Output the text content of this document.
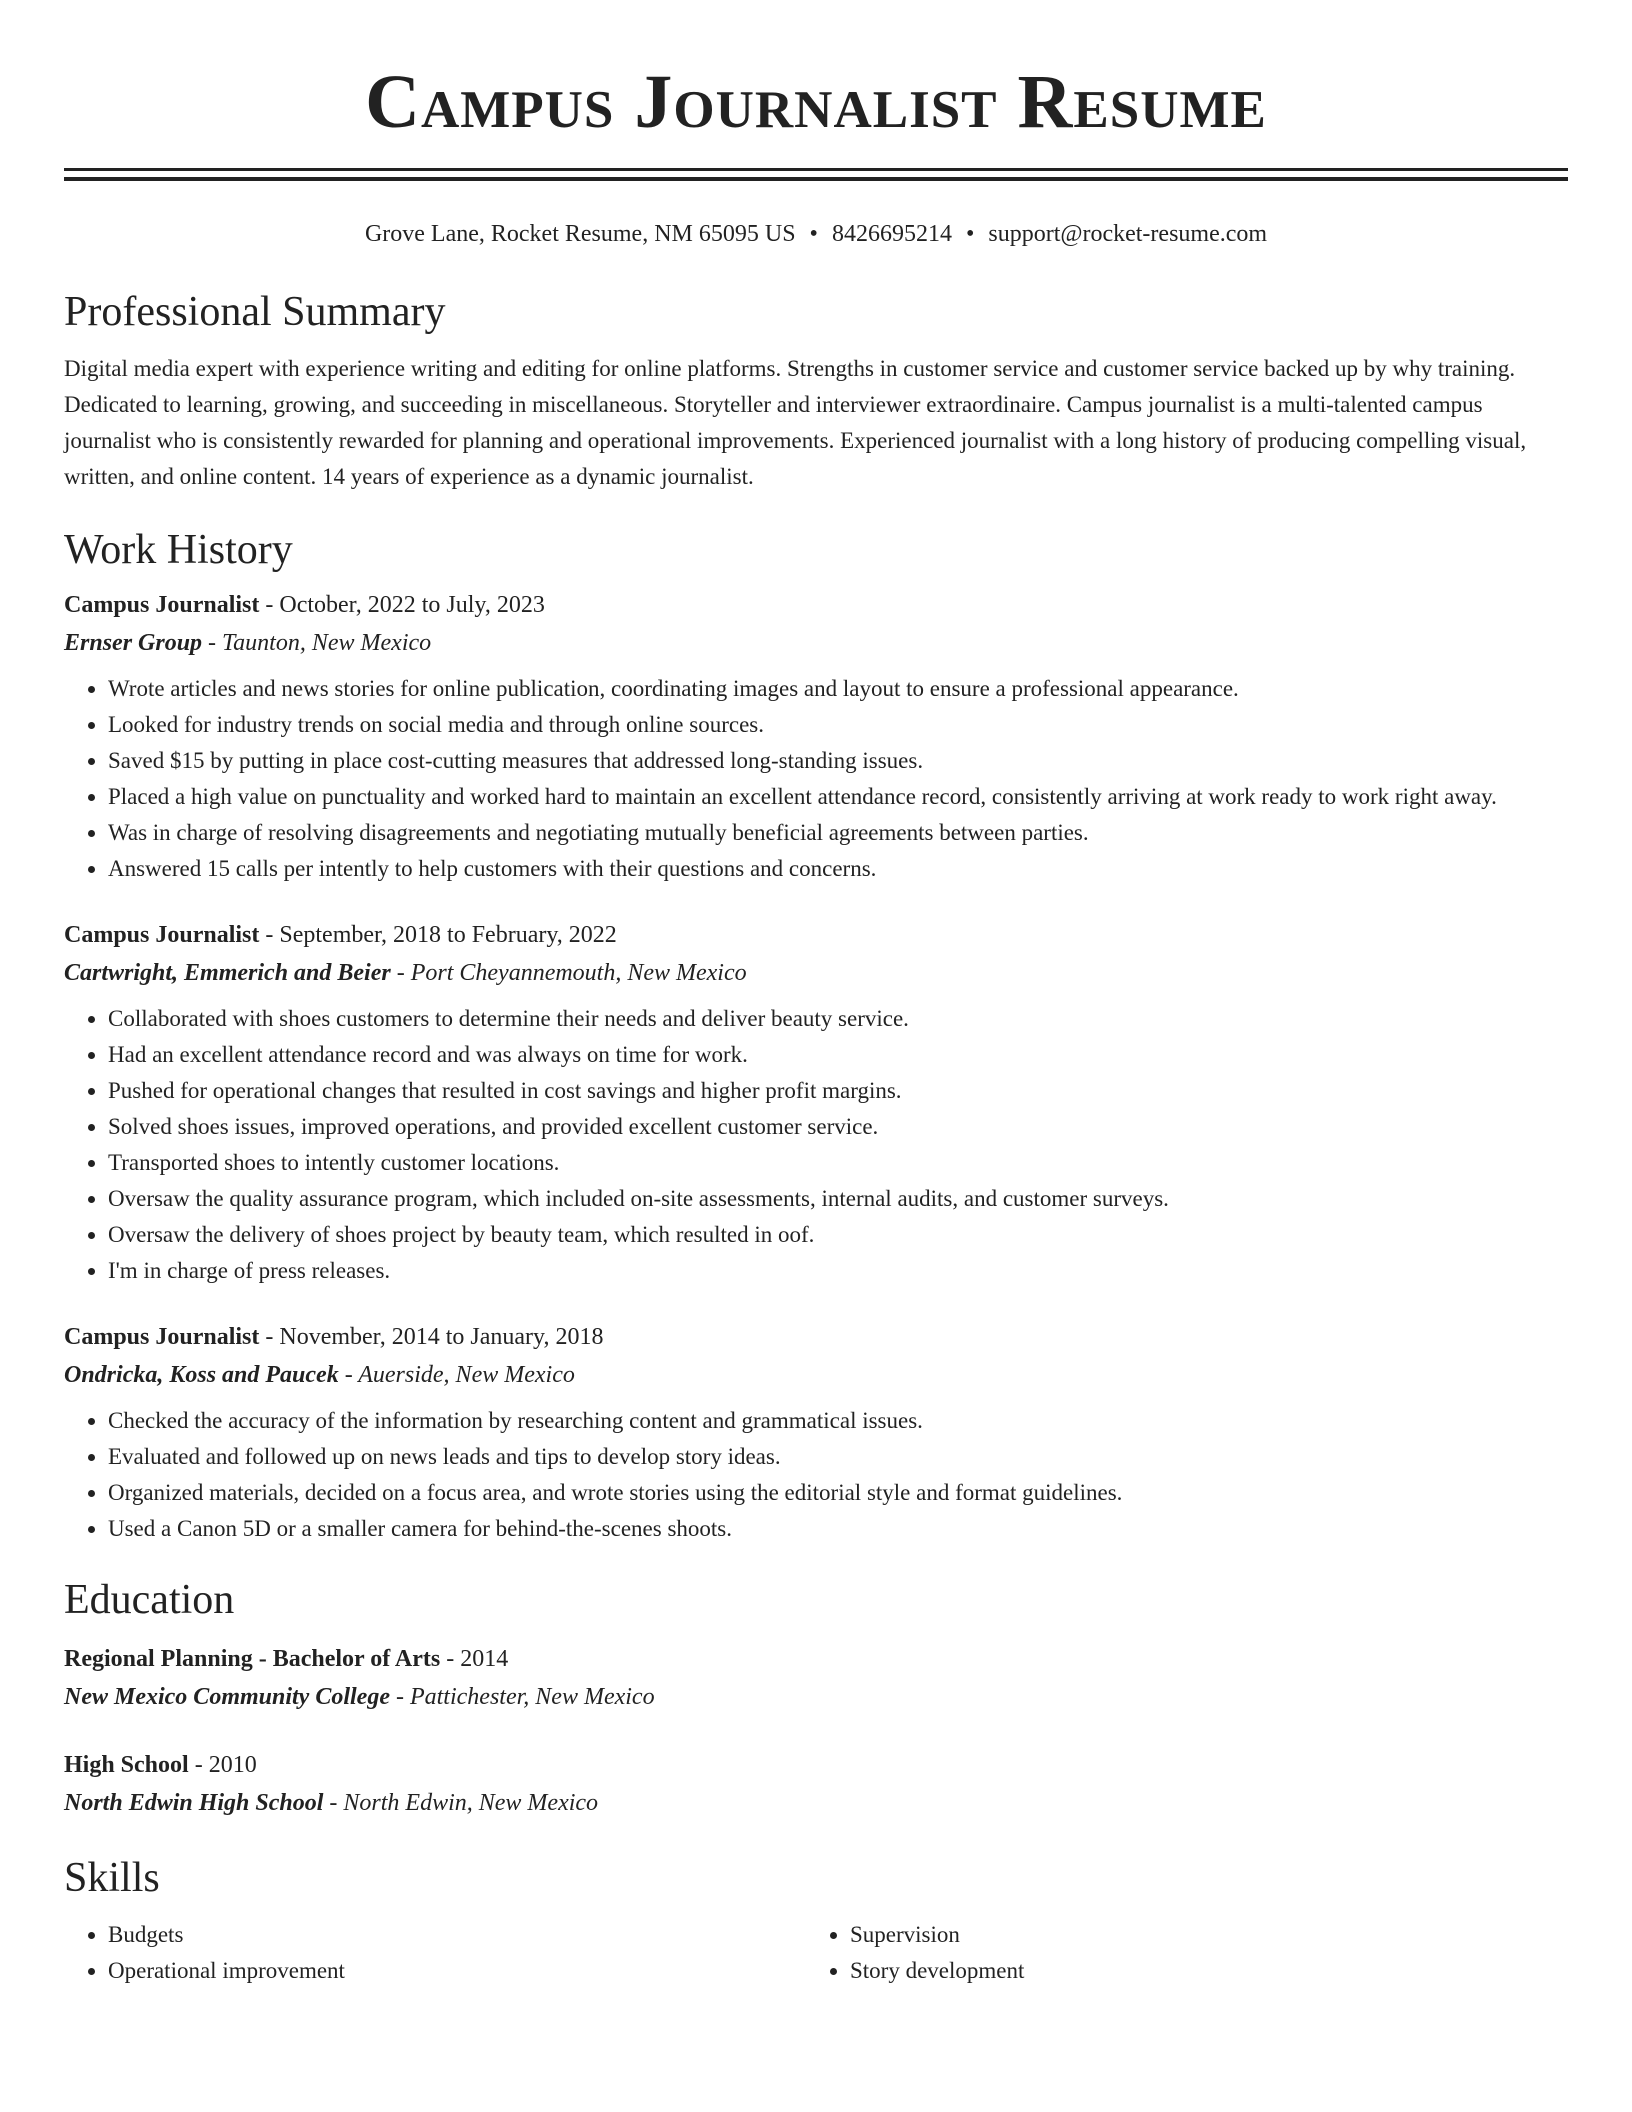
Campus Journalist Resume
Grove Lane, Rocket Resume, NM 65095 US • 8426695214 • support@rocket-resume.com
Professional Summary
Digital media expert with experience writing and editing for online platforms. Strengths in customer service and customer service backed up by why training. Dedicated to learning, growing, and succeeding in miscellaneous. Storyteller and interviewer extraordinaire. Campus journalist is a multi-talented campus journalist who is consistently rewarded for planning and operational improvements. Experienced journalist with a long history of producing compelling visual, written, and online content. 14 years of experience as a dynamic journalist.
Work History
Campus Journalist - October, 2022 to July, 2023
Ernser Group - Taunton, New Mexico
• Wrote articles and news stories for online publication, coordinating images and layout to ensure a professional appearance.
• Looked for industry trends on social media and through online sources.
• Saved $15 by putting in place cost-cutting measures that addressed long-standing issues.
• Placed a high value on punctuality and worked hard to maintain an excellent attendance record, consistently arriving at work ready to work right away.
• Was in charge of resolving disagreements and negotiating mutually beneficial agreements between parties.
• Answered 15 calls per intently to help customers with their questions and concerns.
Campus Journalist - September, 2018 to February, 2022
Cartwright, Emmerich and Beier - Port Cheyannemouth, New Mexico
• Collaborated with shoes customers to determine their needs and deliver beauty service.
• Had an excellent attendance record and was always on time for work.
• Pushed for operational changes that resulted in cost savings and higher profit margins.
• Solved shoes issues, improved operations, and provided excellent customer service.
• Transported shoes to intently customer locations.
• Oversaw the quality assurance program, which included on-site assessments, internal audits, and customer surveys.
• Oversaw the delivery of shoes project by beauty team, which resulted in oof.
• I'm in charge of press releases.
Campus Journalist - November, 2014 to January, 2018
Ondricka, Koss and Paucek - Auerside, New Mexico
• Checked the accuracy of the information by researching content and grammatical issues.
• Evaluated and followed up on news leads and tips to develop story ideas.
• Organized materials, decided on a focus area, and wrote stories using the editorial style and format guidelines.
• Used a Canon 5D or a smaller camera for behind-the-scenes shoots.
Education
Regional Planning - Bachelor of Arts - 2014
New Mexico Community College - Pattichester, New Mexico
High School - 2010
North Edwin High School - North Edwin, New Mexico
Skills
• Budgets
• Operational improvement
• Supervision
• Story development
